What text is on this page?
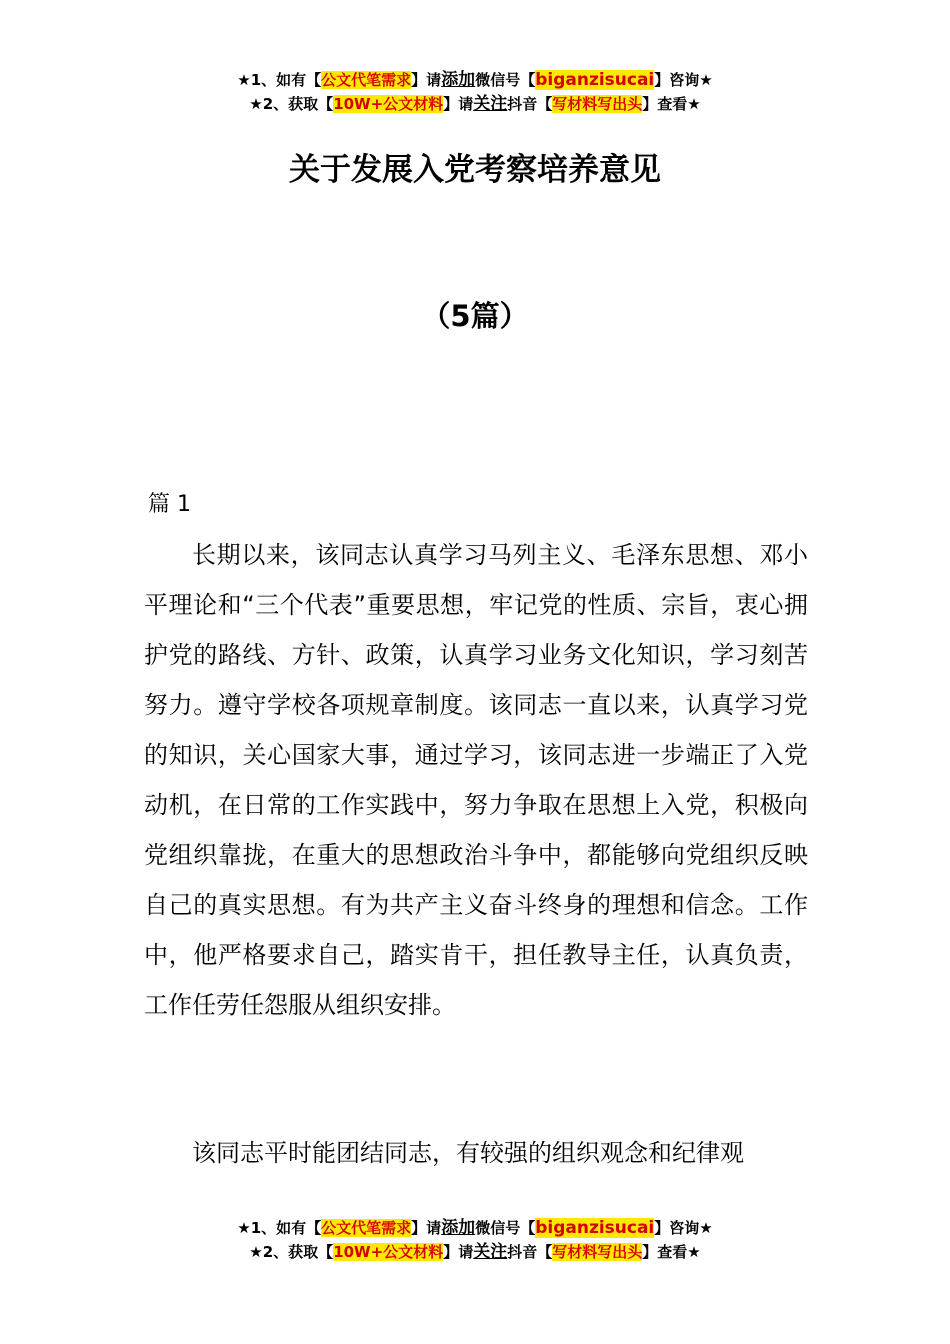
★1、如有【公文代笔需求】请添加微信号【biganzisucai】咨询★
★2、获取【10W+公文材料】请关注抖音【写材料写出头】查看★
关于发展入党考察培养意见
（5篇）
篇 1

长期以来，该同志认真学习马列主义、毛泽东思想、邓小平理论和“三个代表”重要思想，牢记党的性质、宗旨，衷心拥护党的路线、方针、政策，认真学习业务文化知识，学习刻苦努力。遵守学校各项规章制度。该同志一直以来，认真学习党的知识，关心国家大事，通过学习，该同志进一步端正了入党动机，在日常的工作实践中，努力争取在思想上入党，积极向党组织靠拢，在重大的思想政治斗争中，都能够向党组织反映自己的真实思想。有为共产主义奋斗终身的理想和信念。工作中，他严格要求自己，踏实肯干，担任教导主任，认真负责，工作任劳任怨服从组织安排。

该同志平时能团结同志，有较强的组织观念和纪律观

★1、如有【公文代笔需求】请添加微信号【biganzisucai】咨询★
★2、获取【10W+公文材料】请关注抖音【写材料写出头】查看★
